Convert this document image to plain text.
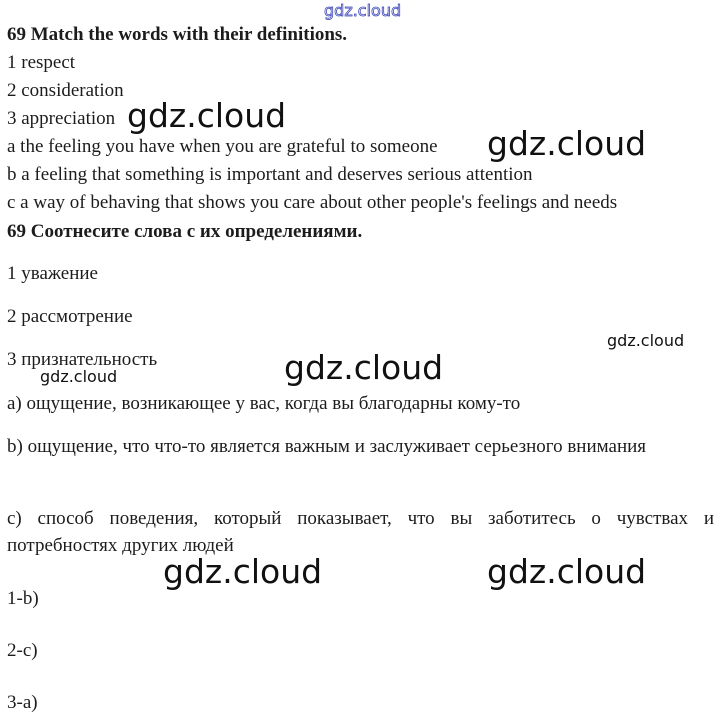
gdz.cloud
69 Match the words with their definitions.
1 respect
2 consideration
3 appreciation
a the feeling you have when you are grateful to someone
b a feeling that something is important and deserves serious attention
c a way of behaving that shows you care about other people's feelings and needs
69 Соотнесите слова с их определениями.
1 уважение
2 рассмотрение
3 признательность
а) ощущение, возникающее у вас, когда вы благодарны кому-то
b) ощущение, что что-то является важным и заслуживает серьезного внимания
c) способ поведения, который показывает, что вы заботитесь о чувствах и потребностях других людей
1-b)
2-c)
3-a)
gdz.cloud
gdz.cloud
gdz.cloud
gdz.cloud
gdz.cloud
gdz.cloud	gdz.cloud
